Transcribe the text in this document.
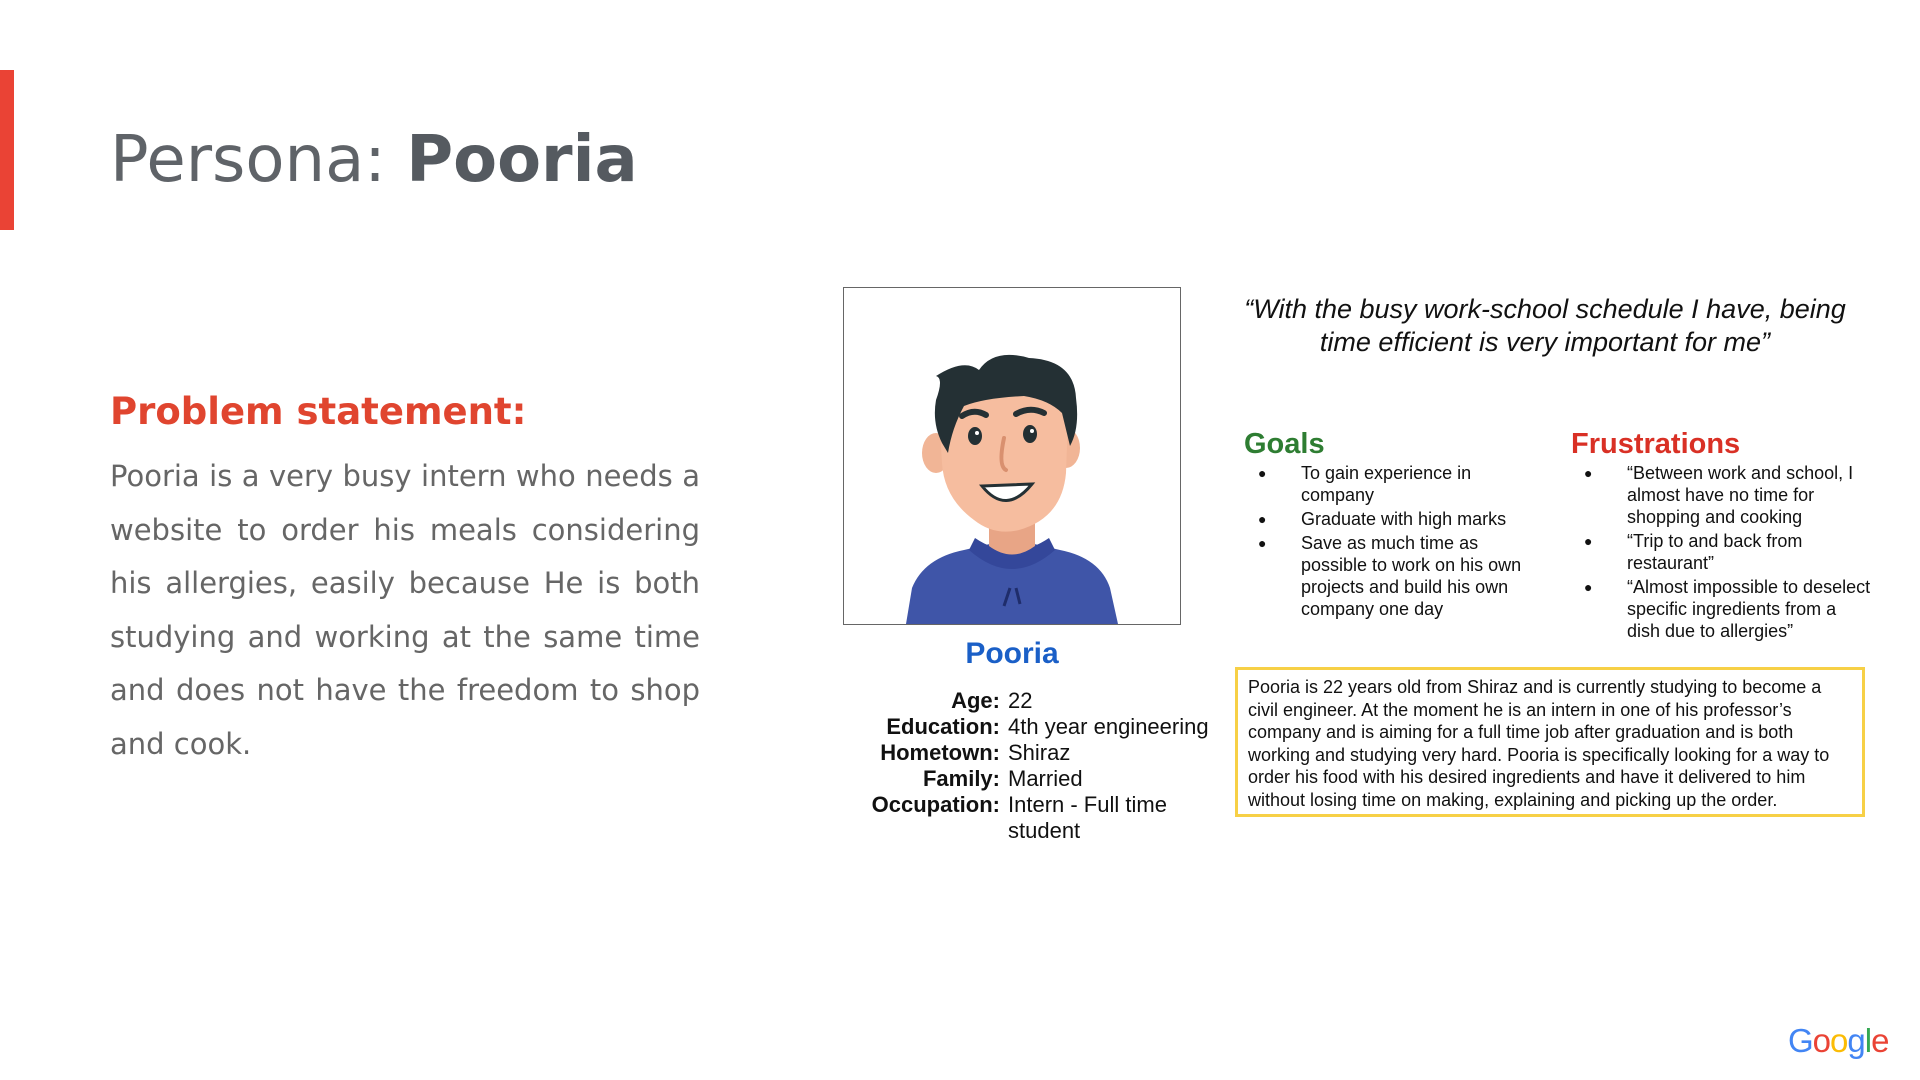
Persona: Pooria
Problem statement:
Pooria is a very busy intern who needs a website to order his meals considering his allergies, easily because He is both studying and working at the same time and does not have the freedom to shop and cook.
Pooria
Age: 22
Education: 4th year engineering
Hometown: Shiraz
Family: Married
Occupation: Intern - Full time student
“With the busy work-school schedule I have, being time efficient is very important for me”
Goals
● To gain experience in company
● Graduate with high marks
● Save as much time as possible to work on his own projects and build his own company one day
Frustrations
● “Between work and school, I almost have no time for shopping and cooking
● “Trip to and back from restaurant”
● “Almost impossible to deselect specific ingredients from a dish due to allergies”
Pooria is 22 years old from Shiraz and is currently studying to become a civil engineer. At the moment he is an intern in one of his professor’s company and is aiming for a full time job after graduation and is both working and studying very hard. Pooria is specifically looking for a way to order his food with his desired ingredients and have it delivered to him without losing time on making, explaining and picking up the order.
Google
